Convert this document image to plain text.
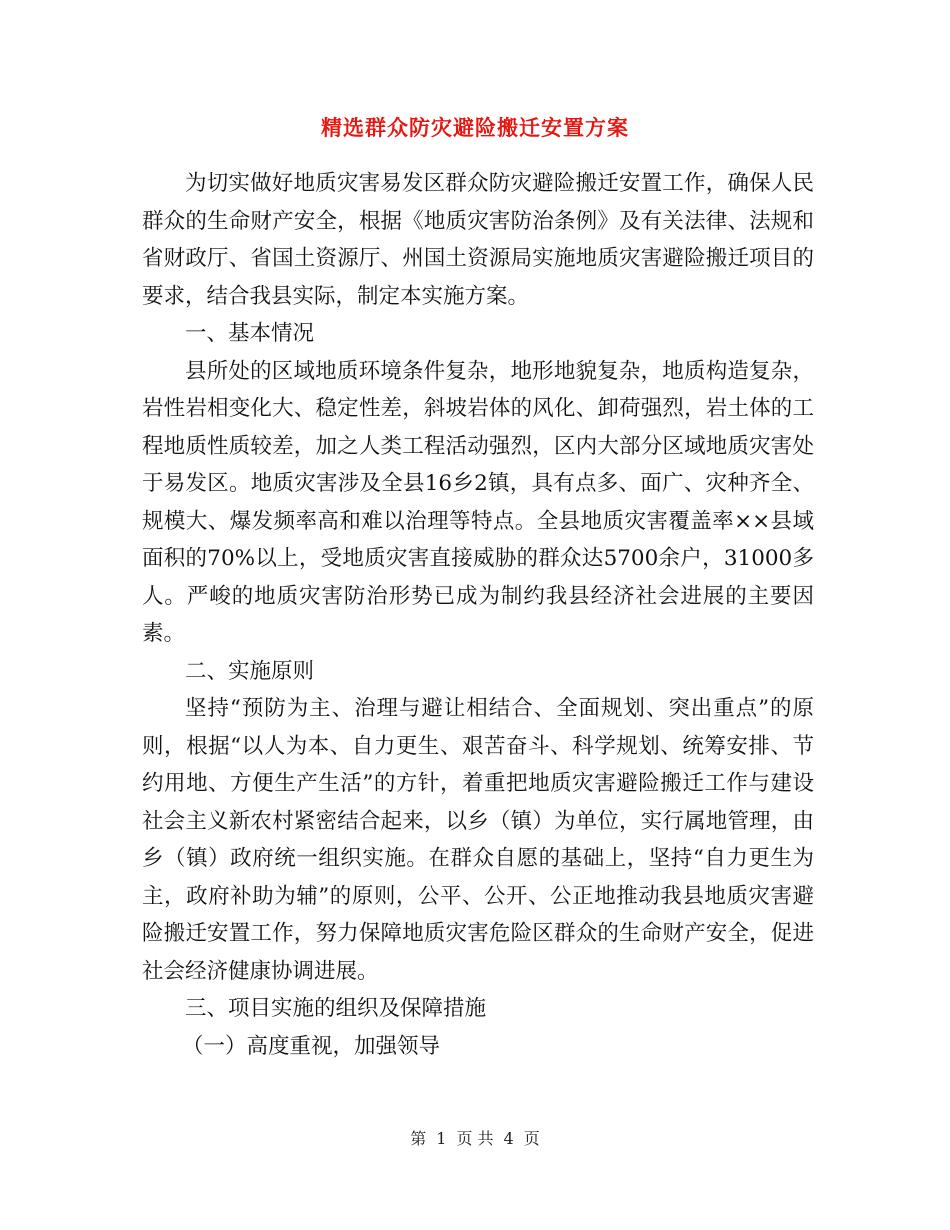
精选群众防灾避险搬迁安置方案

为切实做好地质灾害易发区群众防灾避险搬迁安置工作，确保人民群众的生命财产安全，根据《地质灾害防治条例》及有关法律、法规和省财政厅、省国土资源厅、州国土资源局实施地质灾害避险搬迁项目的要求，结合我县实际，制定本实施方案。

一、基本情况

县所处的区域地质环境条件复杂，地形地貌复杂，地质构造复杂，岩性岩相变化大、稳定性差，斜坡岩体的风化、卸荷强烈，岩土体的工程地质性质较差，加之人类工程活动强烈，区内大部分区域地质灾害处于易发区。地质灾害涉及全县16乡2镇，具有点多、面广、灾种齐全、规模大、爆发频率高和难以治理等特点。全县地质灾害覆盖率××县域面积的70%以上，受地质灾害直接威胁的群众达5700余户，31000多人。严峻的地质灾害防治形势已成为制约我县经济社会进展的主要因素。

二、实施原则

坚持“预防为主、治理与避让相结合、全面规划、突出重点”的原则，根据“以人为本、自力更生、艰苦奋斗、科学规划、统筹安排、节约用地、方便生产生活”的方针，着重把地质灾害避险搬迁工作与建设社会主义新农村紧密结合起来，以乡（镇）为单位，实行属地管理，由乡（镇）政府统一组织实施。在群众自愿的基础上，坚持“自力更生为主，政府补助为辅”的原则，公平、公开、公正地推动我县地质灾害避险搬迁安置工作，努力保障地质灾害危险区群众的生命财产安全，促进社会经济健康协调进展。

三、项目实施的组织及保障措施

（一）高度重视，加强领导

第 1 页 共 4 页
